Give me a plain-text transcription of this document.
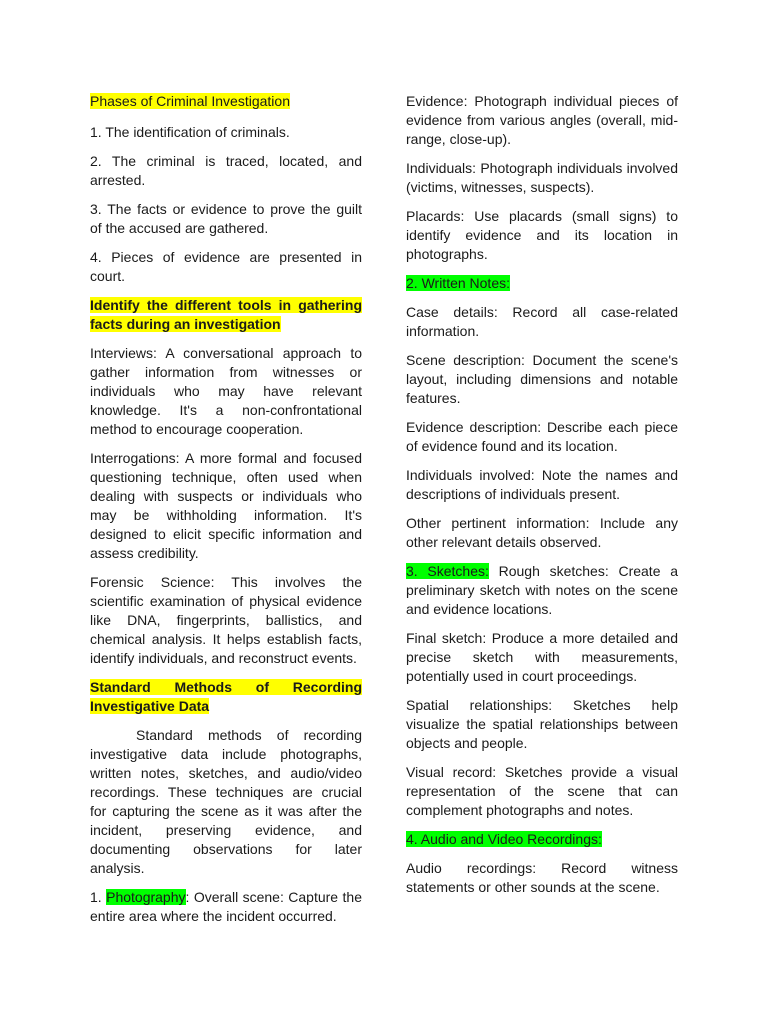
Phases of Criminal Investigation

1. The identification of criminals.

2. The criminal is traced, located, and arrested.

3. The facts or evidence to prove the guilt of the accused are gathered.

4. Pieces of evidence are presented in court.

Identify the different tools in gathering facts during an investigation

Interviews: A conversational approach to gather information from witnesses or individuals who may have relevant knowledge. It's a non-confrontational method to encourage cooperation.

Interrogations: A more formal and focused questioning technique, often used when dealing with suspects or individuals who may be withholding information. It's designed to elicit specific information and assess credibility.

Forensic Science: This involves the scientific examination of physical evidence like DNA, fingerprints, ballistics, and chemical analysis. It helps establish facts, identify individuals, and reconstruct events.

Standard Methods of Recording Investigative Data

Standard methods of recording investigative data include photographs, written notes, sketches, and audio/video recordings. These techniques are crucial for capturing the scene as it was after the incident, preserving evidence, and documenting observations for later analysis.

1. Photography: Overall scene: Capture the entire area where the incident occurred.

Evidence: Photograph individual pieces of evidence from various angles (overall, mid-range, close-up).

Individuals: Photograph individuals involved (victims, witnesses, suspects).

Placards: Use placards (small signs) to identify evidence and its location in photographs.

2. Written Notes:

Case details: Record all case-related information.

Scene description: Document the scene's layout, including dimensions and notable features.

Evidence description: Describe each piece of evidence found and its location.

Individuals involved: Note the names and descriptions of individuals present.

Other pertinent information: Include any other relevant details observed.

3. Sketches: Rough sketches: Create a preliminary sketch with notes on the scene and evidence locations.

Final sketch: Produce a more detailed and precise sketch with measurements, potentially used in court proceedings.

Spatial relationships: Sketches help visualize the spatial relationships between objects and people.

Visual record: Sketches provide a visual representation of the scene that can complement photographs and notes.

4. Audio and Video Recordings:

Audio recordings: Record witness statements or other sounds at the scene.
